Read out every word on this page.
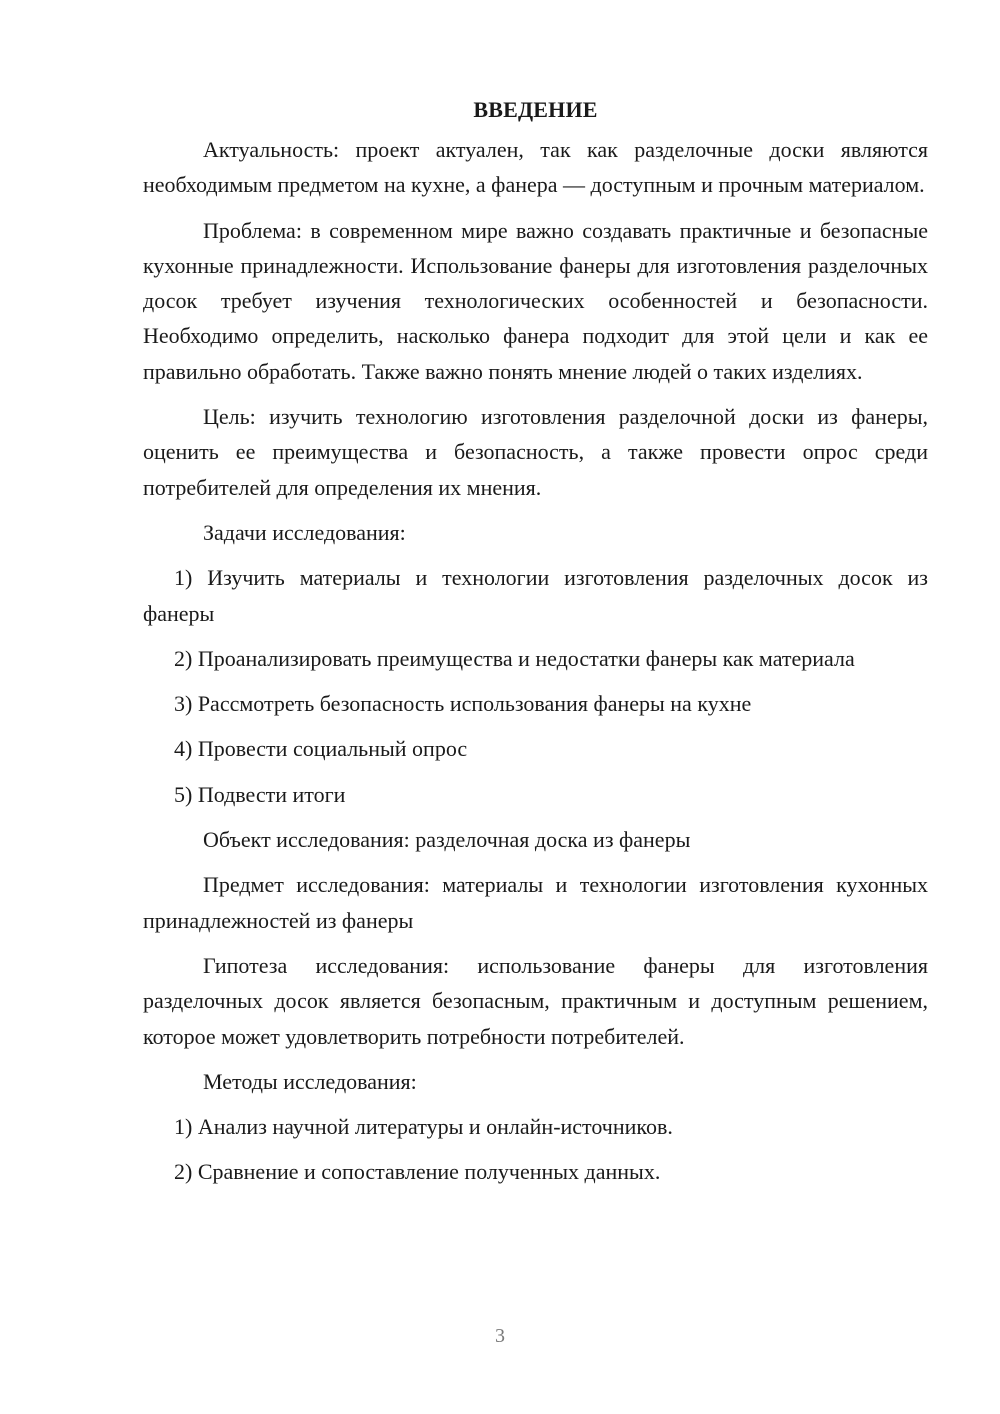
ВВЕДЕНИЕ

Актуальность: проект актуален, так как разделочные доски являются необходимым предметом на кухне, а фанера — доступным и прочным материалом.

Проблема: в современном мире важно создавать практичные и безопасные кухонные принадлежности. Использование фанеры для изготовления разделочных досок требует изучения технологических особенностей и безопасности. Необходимо определить, насколько фанера подходит для этой цели и как ее правильно обработать. Также важно понять мнение людей о таких изделиях.

Цель: изучить технологию изготовления разделочной доски из фанеры, оценить ее преимущества и безопасность, а также провести опрос среди потребителей для определения их мнения.

Задачи исследования:

1) Изучить материалы и технологии изготовления разделочных досок из фанеры

2) Проанализировать преимущества и недостатки фанеры как материала

3) Рассмотреть безопасность использования фанеры на кухне

4) Провести социальный опрос

5) Подвести итоги

Объект исследования: разделочная доска из фанеры

Предмет исследования: материалы и технологии изготовления кухонных принадлежностей из фанеры

Гипотеза исследования: использование фанеры для изготовления разделочных досок является безопасным, практичным и доступным решением, которое может удовлетворить потребности потребителей.

Методы исследования:

1) Анализ научной литературы и онлайн-источников.

2) Сравнение и сопоставление полученных данных.

3
